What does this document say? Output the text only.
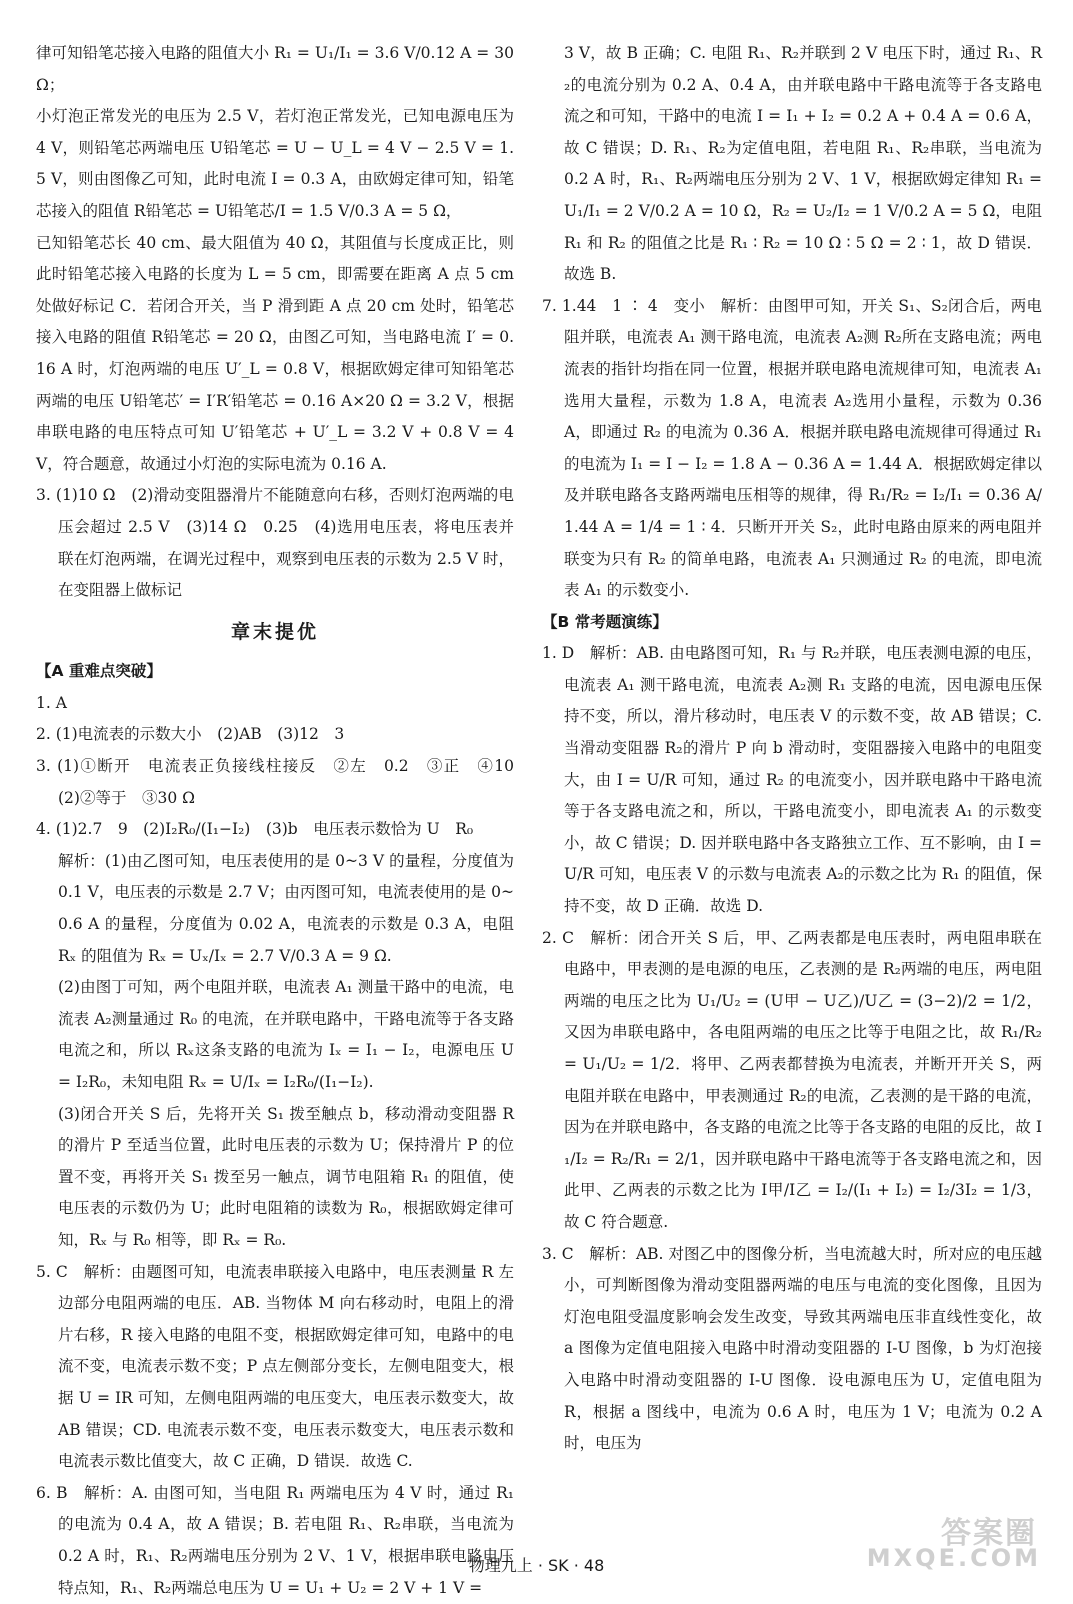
律可知铅笔芯接入电路的阻值大小 R₁ = U₁/I₁ = 3.6 V/0.12 A = 30 Ω；

小灯泡正常发光的电压为 2.5 V，若灯泡正常发光，已知电源电压为 4 V，则铅笔芯两端电压 U铅笔芯 = U − U_L = 4 V − 2.5 V = 1.5 V，则由图像乙可知，此时电流 I = 0.3 A，由欧姆定律可知，铅笔芯接入的阻值 R铅笔芯 = U铅笔芯/I = 1.5 V/0.3 A = 5 Ω，

已知铅笔芯长 40 cm、最大阻值为 40 Ω，其阻值与长度成正比，则此时铅笔芯接入电路的长度为 L = 5 cm，即需要在距离 A 点 5 cm 处做好标记 C．若闭合开关，当 P 滑到距 A 点 20 cm 处时，铅笔芯接入电路的阻值 R铅笔芯 = 20 Ω，由图乙可知，当电路电流 I′ = 0.16 A 时，灯泡两端的电压 U′_L = 0.8 V，根据欧姆定律可知铅笔芯两端的电压 U铅笔芯′ = I′R′铅笔芯 = 0.16 A×20 Ω = 3.2 V，根据串联电路的电压特点可知 U′铅笔芯 + U′_L = 3.2 V + 0.8 V = 4 V，符合题意，故通过小灯泡的实际电流为 0.16 A.

3. (1)10 Ω　(2)滑动变阻器滑片不能随意向右移，否则灯泡两端的电压会超过 2.5 V　(3)14 Ω　0.25　(4)选用电压表，将电压表并联在灯泡两端，在调光过程中，观察到电压表的示数为 2.5 V 时，在变阻器上做标记

章末提优

【A 重难点突破】

1. A

2. (1)电流表的示数大小　(2)AB　(3)12　3

3. (1)①断开　电流表正负接线柱接反　②左　0.2　③正　④10　(2)②等于　③30 Ω

4. (1)2.7　9　(2)I₂R₀/(I₁−I₂)　(3)b　电压表示数恰为 U　R₀

解析：(1)由乙图可知，电压表使用的是 0~3 V 的量程，分度值为 0.1 V，电压表的示数是 2.7 V；由丙图可知，电流表使用的是 0~0.6 A 的量程，分度值为 0.02 A，电流表的示数是 0.3 A，电阻 Rₓ 的阻值为 Rₓ = Uₓ/Iₓ = 2.7 V/0.3 A = 9 Ω.

(2)由图丁可知，两个电阻并联，电流表 A₁ 测量干路中的电流，电流表 A₂测量通过 R₀ 的电流，在并联电路中，干路电流等于各支路电流之和，所以 Rₓ这条支路的电流为 Iₓ = I₁ − I₂，电源电压 U = I₂R₀，未知电阻 Rₓ = U/Iₓ = I₂R₀/(I₁−I₂).

(3)闭合开关 S 后，先将开关 S₁ 拨至触点 b，移动滑动变阻器 R 的滑片 P 至适当位置，此时电压表的示数为 U；保持滑片 P 的位置不变，再将开关 S₁ 拨至另一触点，调节电阻箱 R₁ 的阻值，使电压表的示数仍为 U；此时电阻箱的读数为 R₀，根据欧姆定律可知，Rₓ 与 R₀ 相等，即 Rₓ = R₀.

5. C　解析：由题图可知，电流表串联接入电路中，电压表测量 R 左边部分电阻两端的电压．AB. 当物体 M 向右移动时，电阻上的滑片右移，R 接入电路的电阻不变，根据欧姆定律可知，电路中的电流不变，电流表示数不变；P 点左侧部分变长，左侧电阻变大，根据 U = IR 可知，左侧电阻两端的电压变大，电压表示数变大，故 AB 错误；CD. 电流表示数不变，电压表示数变大，电压表示数和电流表示数比值变大，故 C 正确，D 错误．故选 C.

6. B　解析：A. 由图可知，当电阻 R₁ 两端电压为 4 V 时，通过 R₁ 的电流为 0.4 A，故 A 错误；B. 若电阻 R₁、R₂串联，当电流为 0.2 A 时，R₁、R₂两端电压分别为 2 V、1 V，根据串联电路电压特点知，R₁、R₂两端总电压为 U = U₁ + U₂ = 2 V + 1 V =

3 V，故 B 正确；C. 电阻 R₁、R₂并联到 2 V 电压下时，通过 R₁、R₂的电流分别为 0.2 A、0.4 A，由并联电路中干路电流等于各支路电流之和可知，干路中的电流 I = I₁ + I₂ = 0.2 A + 0.4 A = 0.6 A，故 C 错误；D. R₁、R₂为定值电阻，若电阻 R₁、R₂串联，当电流为 0.2 A 时，R₁、R₂两端电压分别为 2 V、1 V，根据欧姆定律知 R₁ = U₁/I₁ = 2 V/0.2 A = 10 Ω，R₂ = U₂/I₂ = 1 V/0.2 A = 5 Ω，电阻 R₁ 和 R₂ 的阻值之比是 R₁ ∶ R₂ = 10 Ω ∶ 5 Ω = 2 ∶ 1，故 D 错误．故选 B.

7. 1.44　1 ∶ 4　变小　解析：由图甲可知，开关 S₁、S₂闭合后，两电阻并联，电流表 A₁ 测干路电流，电流表 A₂测 R₂所在支路电流；两电流表的指针均指在同一位置，根据并联电路电流规律可知，电流表 A₁ 选用大量程，示数为 1.8 A，电流表 A₂选用小量程，示数为 0.36 A，即通过 R₂ 的电流为 0.36 A．根据并联电路电流规律可得通过 R₁ 的电流为 I₁ = I − I₂ = 1.8 A − 0.36 A = 1.44 A．根据欧姆定律以及并联电路各支路两端电压相等的规律，得 R₁/R₂ = I₂/I₁ = 0.36 A/1.44 A = 1/4 = 1 ∶ 4．只断开开关 S₂，此时电路由原来的两电阻并联变为只有 R₂ 的简单电路，电流表 A₁ 只测通过 R₂ 的电流，即电流表 A₁ 的示数变小.

【B 常考题演练】

1. D　解析：AB. 由电路图可知，R₁ 与 R₂并联，电压表测电源的电压，电流表 A₁ 测干路电流，电流表 A₂测 R₁ 支路的电流，因电源电压保持不变，所以，滑片移动时，电压表 V 的示数不变，故 AB 错误；C. 当滑动变阻器 R₂的滑片 P 向 b 滑动时，变阻器接入电路中的电阻变大，由 I = U/R 可知，通过 R₂ 的电流变小，因并联电路中干路电流等于各支路电流之和，所以，干路电流变小，即电流表 A₁ 的示数变小，故 C 错误；D. 因并联电路中各支路独立工作、互不影响，由 I = U/R 可知，电压表 V 的示数与电流表 A₂的示数之比为 R₁ 的阻值，保持不变，故 D 正确．故选 D.

2. C　解析：闭合开关 S 后，甲、乙两表都是电压表时，两电阻串联在电路中，甲表测的是电源的电压，乙表测的是 R₂两端的电压，两电阻两端的电压之比为 U₁/U₂ = (U甲 − U乙)/U乙 = (3−2)/2 = 1/2，又因为串联电路中，各电阻两端的电压之比等于电阻之比，故 R₁/R₂ = U₁/U₂ = 1/2．将甲、乙两表都替换为电流表，并断开开关 S，两电阻并联在电路中，甲表测通过 R₂的电流，乙表测的是干路的电流，因为在并联电路中，各支路的电流之比等于各支路的电阻的反比，故 I₁/I₂ = R₂/R₁ = 2/1，因并联电路中干路电流等于各支路电流之和，因此甲、乙两表的示数之比为 I甲/I乙 = I₂/(I₁ + I₂) = I₂/3I₂ = 1/3，故 C 符合题意.

3. C　解析：AB. 对图乙中的图像分析，当电流越大时，所对应的电压越小，可判断图像为滑动变阻器两端的电压与电流的变化图像，且因为灯泡电阻受温度影响会发生改变，导致其两端电压非直线性变化，故 a 图像为定值电阻接入电路中时滑动变阻器的 I-U 图像，b 为灯泡接入电路中时滑动变阻器的 I-U 图像．设电源电压为 U，定值电阻为 R，根据 a 图线中，电流为 0.6 A 时，电压为 1 V；电流为 0.2 A 时，电压为

物理九上 · SK · 48
答案圈
MXQE.COM
